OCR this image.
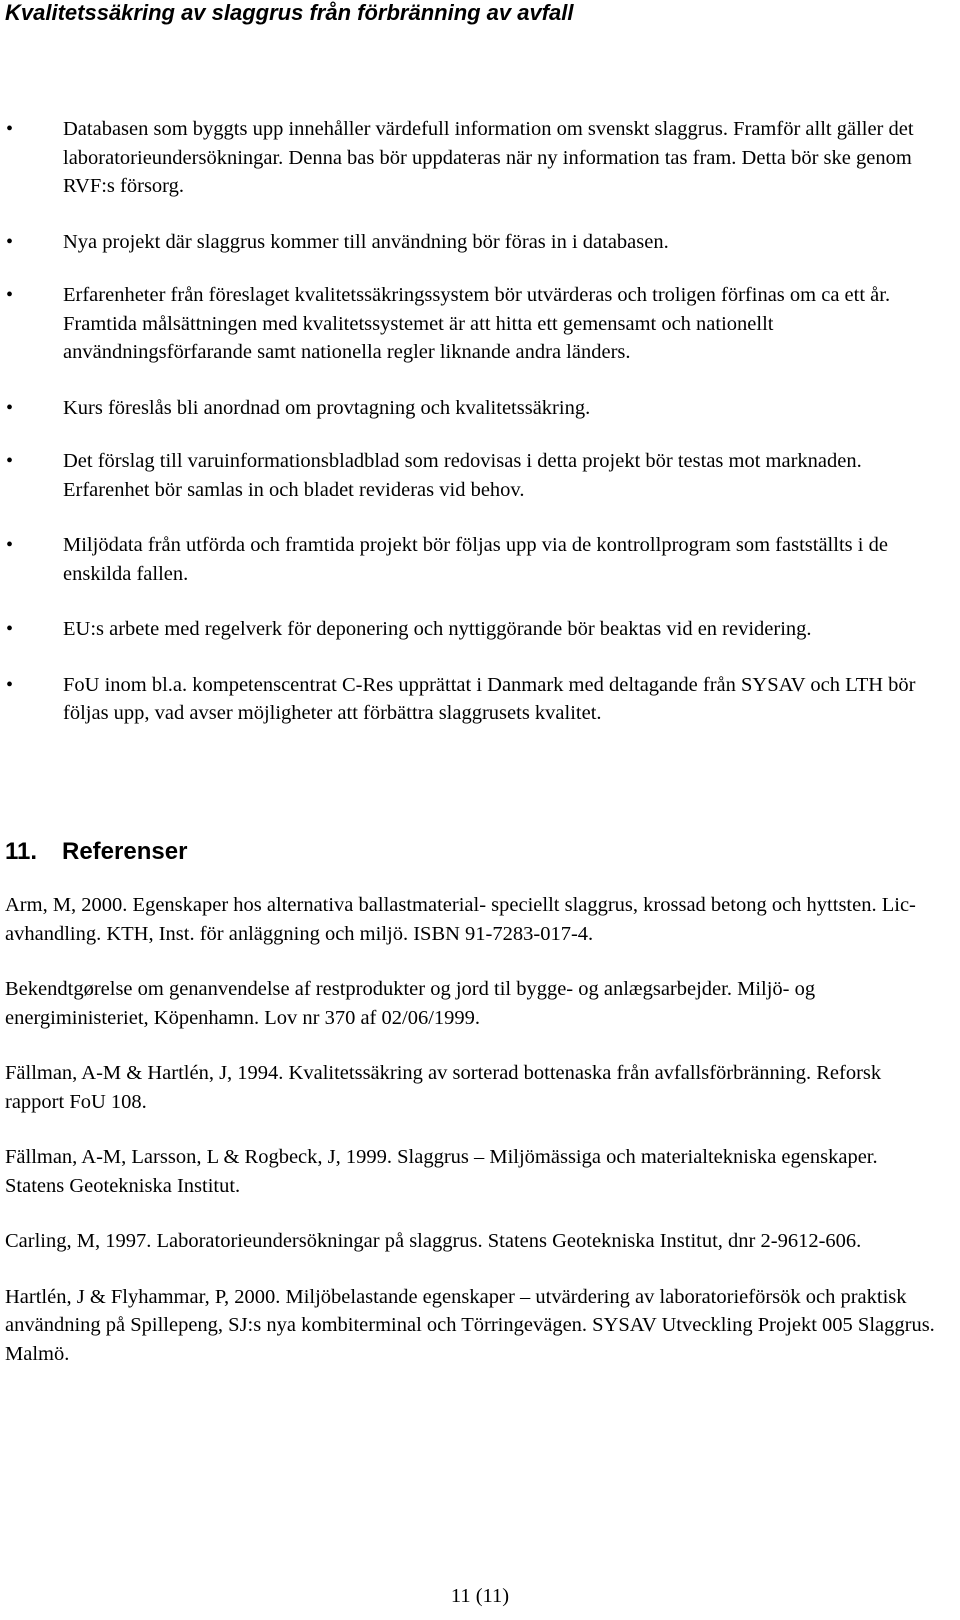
Kvalitetssäkring av slaggrus från förbränning av avfall
• Databasen som byggts upp innehåller värdefull information om svenskt slaggrus. Framför allt gäller det laboratorieundersökningar. Denna bas bör uppdateras när ny information tas fram. Detta bör ske genom RVF:s försorg.
• Nya projekt där slaggrus kommer till användning bör föras in i databasen.
• Erfarenheter från föreslaget kvalitetssäkringssystem bör utvärderas och troligen förfinas om ca ett år. Framtida målsättningen med kvalitetssystemet är att hitta ett gemensamt och nationellt användningsförfarande samt nationella regler liknande andra länders.
• Kurs föreslås bli anordnad om provtagning och kvalitetssäkring.
• Det förslag till varuinformationsbladblad som redovisas i detta projekt bör testas mot marknaden. Erfarenhet bör samlas in och bladet revideras vid behov.
• Miljödata från utförda och framtida projekt bör följas upp via de kontrollprogram som fastställts i de enskilda fallen.
• EU:s arbete med regelverk för deponering och nyttiggörande bör beaktas vid en revidering.
• FoU inom bl.a. kompetenscentrat C-Res upprättat i Danmark med deltagande från SYSAV och LTH bör följas upp, vad avser möjligheter att förbättra slaggrusets kvalitet.
11. Referenser

Arm, M, 2000. Egenskaper hos alternativa ballastmaterial- speciellt slaggrus, krossad betong och hyttsten. Lic-avhandling. KTH, Inst. för anläggning och miljö. ISBN 91-7283-017-4.

Bekendtgørelse om genanvendelse af restprodukter og jord til bygge- og anlægsarbejder. Miljö- og energiministeriet, Köpenhamn. Lov nr 370 af 02/06/1999.

Fällman, A-M & Hartlén, J, 1994. Kvalitetssäkring av sorterad bottenaska från avfallsförbränning. Reforsk rapport FoU 108.

Fällman, A-M, Larsson, L & Rogbeck, J, 1999. Slaggrus – Miljömässiga och materialtekniska egenskaper. Statens Geotekniska Institut.

Carling, M, 1997. Laboratorieundersökningar på slaggrus. Statens Geotekniska Institut, dnr 2-9612-606.

Hartlén, J & Flyhammar, P, 2000. Miljöbelastande egenskaper – utvärdering av laboratorieförsök och praktisk användning på Spillepeng, SJ:s nya kombiterminal och Törringevägen. SYSAV Utveckling Projekt 005 Slaggrus. Malmö.

11 (11)
